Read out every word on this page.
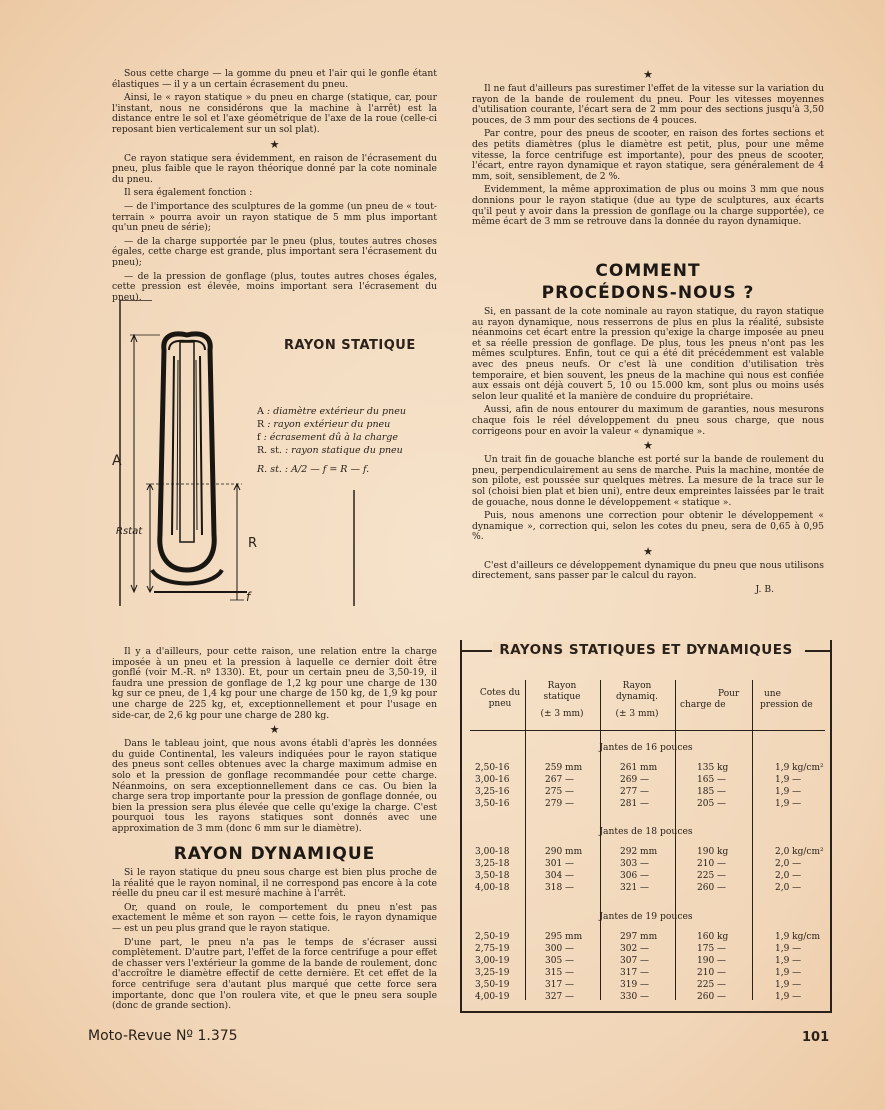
Sous cette charge — la gomme du pneu et l'air qui le gonfle étant élastiques — il y a un certain écrasement du pneu.

Ainsi, le « rayon statique » du pneu en charge (statique, car, pour l'instant, nous ne considérons que la machine à l'arrêt) est la distance entre le sol et l'axe géométrique de l'axe de la roue (celle-ci reposant bien verticalement sur un sol plat).

★

Ce rayon statique sera évidemment, en raison de l'écrasement du pneu, plus faible que le rayon théorique donné par la cote nominale du pneu.

Il sera également fonction :

— de l'importance des sculptures de la gomme (un pneu de « tout-terrain » pourra avoir un rayon statique de 5 mm plus important qu'un pneu de série);

— de la charge supportée par le pneu (plus, toutes autres choses égales, cette charge est grande, plus important sera l'écrasement du pneu);

— de la pression de gonflage (plus, toutes autres choses égales, cette pression est élevée, moins important sera l'écrasement du pneu).

RAYON STATIQUE
A : diamètre extérieur du pneu
R : rayon extérieur du pneu
f : écrasement dû à la charge
R. st. : rayon statique du pneu
R. st. : A/2 — f = R — f.
A
Rstat
R
f

Il y a d'ailleurs, pour cette raison, une relation entre la charge imposée à un pneu et la pression à laquelle ce dernier doit être gonflé (voir M.-R. nº 1330). Et, pour un certain pneu de 3,50-19, il faudra une pression de gonflage de 1,2 kg pour une charge de 130 kg sur ce pneu, de 1,4 kg pour une charge de 150 kg, de 1,9 kg pour une charge de 225 kg, et, exceptionnellement et pour l'usage en side-car, de 2,6 kg pour une charge de 280 kg.

★

Dans le tableau joint, que nous avons établi d'après les données du guide Continental, les valeurs indiquées pour le rayon statique des pneus sont celles obtenues avec la charge maximum admise en solo et la pression de gonflage recommandée pour cette charge. Néanmoins, on sera exceptionnellement dans ce cas. Ou bien la charge sera trop importante pour la pression de gonflage donnée, ou bien la pression sera plus élevée que celle qu'exige la charge. C'est pourquoi tous les rayons statiques sont donnés avec une approximation de 3 mm (donc 6 mm sur le diamètre).

RAYON DYNAMIQUE

Si le rayon statique du pneu sous charge est bien plus proche de la réalité que le rayon nominal, il ne correspond pas encore à la cote réelle du pneu car il est mesuré machine à l'arrêt.

Or, quand on roule, le comportement du pneu n'est pas exactement le même et son rayon — cette fois, le rayon dynamique — est un peu plus grand que le rayon statique.

D'une part, le pneu n'a pas le temps de s'écraser aussi complètement. D'autre part, l'effet de la force centrifuge a pour effet de chasser vers l'extérieur la gomme de la bande de roulement, donc d'accroître le diamètre effectif de cette dernière. Et cet effet de la force centrifuge sera d'autant plus marqué que cette force sera importante, donc que l'on roulera vite, et que le pneu sera souple (donc de grande section).

★

Il ne faut d'ailleurs pas surestimer l'effet de la vitesse sur la variation du rayon de la bande de roulement du pneu. Pour les vitesses moyennes d'utilisation courante, l'écart sera de 2 mm pour des sections jusqu'à 3,50 pouces, de 3 mm pour des sections de 4 pouces.

Par contre, pour des pneus de scooter, en raison des fortes sections et des petits diamètres (plus le diamètre est petit, plus, pour une même vitesse, la force centrifuge est importante), pour des pneus de scooter, l'écart, entre rayon dynamique et rayon statique, sera généralement de 4 mm, soit, sensiblement, de 2 %.

Evidemment, la même approximation de plus ou moins 3 mm que nous donnions pour le rayon statique (due au type de sculptures, aux écarts qu'il peut y avoir dans la pression de gonflage ou la charge supportée), ce même écart de 3 mm se retrouve dans la donnée du rayon dynamique.

COMMENT
PROCÉDONS-NOUS ?

Si, en passant de la cote nominale au rayon statique, du rayon statique au rayon dynamique, nous resserrons de plus en plus la réalité, subsiste néanmoins cet écart entre la pression qu'exige la charge imposée au pneu et sa réelle pression de gonflage. De plus, tous les pneus n'ont pas les mêmes sculptures. Enfin, tout ce qui a été dit précédemment est valable avec des pneus neufs. Or c'est là une condition d'utilisation très temporaire, et bien souvent, les pneus de la machine qui nous est confiée aux essais ont déjà couvert 5, 10 ou 15.000 km, sont plus ou moins usés selon leur qualité et la manière de conduire du propriétaire.

Aussi, afin de nous entourer du maximum de garanties, nous mesurons chaque fois le réel développement du pneu sous charge, que nous corrigeons pour en avoir la valeur « dynamique ».

★

Un trait fin de gouache blanche est porté sur la bande de roulement du pneu, perpendiculairement au sens de marche. Puis la machine, montée de son pilote, est poussée sur quelques mètres. La mesure de la trace sur le sol (choisi bien plat et bien uni), entre deux empreintes laissées par le trait de gouache, nous donne le développement « statique ».

Puis, nous amenons une correction pour obtenir le développement « dynamique », correction qui, selon les cotes du pneu, sera de 0,65 à 0,95 %.

★

C'est d'ailleurs ce développement dynamique du pneu que nous utilisons directement, sans passer par le calcul du rayon.

J. B.

RAYONS STATIQUES ET DYNAMIQUES
Cotes du pneu
Rayon statique
(± 3 mm)
Rayon dynamiq.
(± 3 mm)
Pour
charge de
une
pression de
Jantes de 16 pouces
2,50-16	259 mm	261 mm	135 kg	1,9 kg/cm²
3,00-16	267 —	269 —	165 —	1,9 —
3,25-16	275 —	277 —	185 —	1,9 —
3,50-16	279 —	281 —	205 —	1,9 —
Jantes de 18 pouces
3,00-18	290 mm	292 mm	190 kg	2,0 kg/cm²
3,25-18	301 —	303 —	210 —	2,0 —
3,50-18	304 —	306 —	225 —	2,0 —
4,00-18	318 —	321 —	260 —	2,0 —
Jantes de 19 pouces
2,50-19	295 mm	297 mm	160 kg	1,9 kg/cm
2,75-19	300 —	302 —	175 —	1,9 —
3,00-19	305 —	307 —	190 —	1,9 —
3,25-19	315 —	317 —	210 —	1,9 —
3,50-19	317 —	319 —	225 —	1,9 —
4,00-19	327 —	330 —	260 —	1,9 —
Moto-Revue Nº 1.375	101
